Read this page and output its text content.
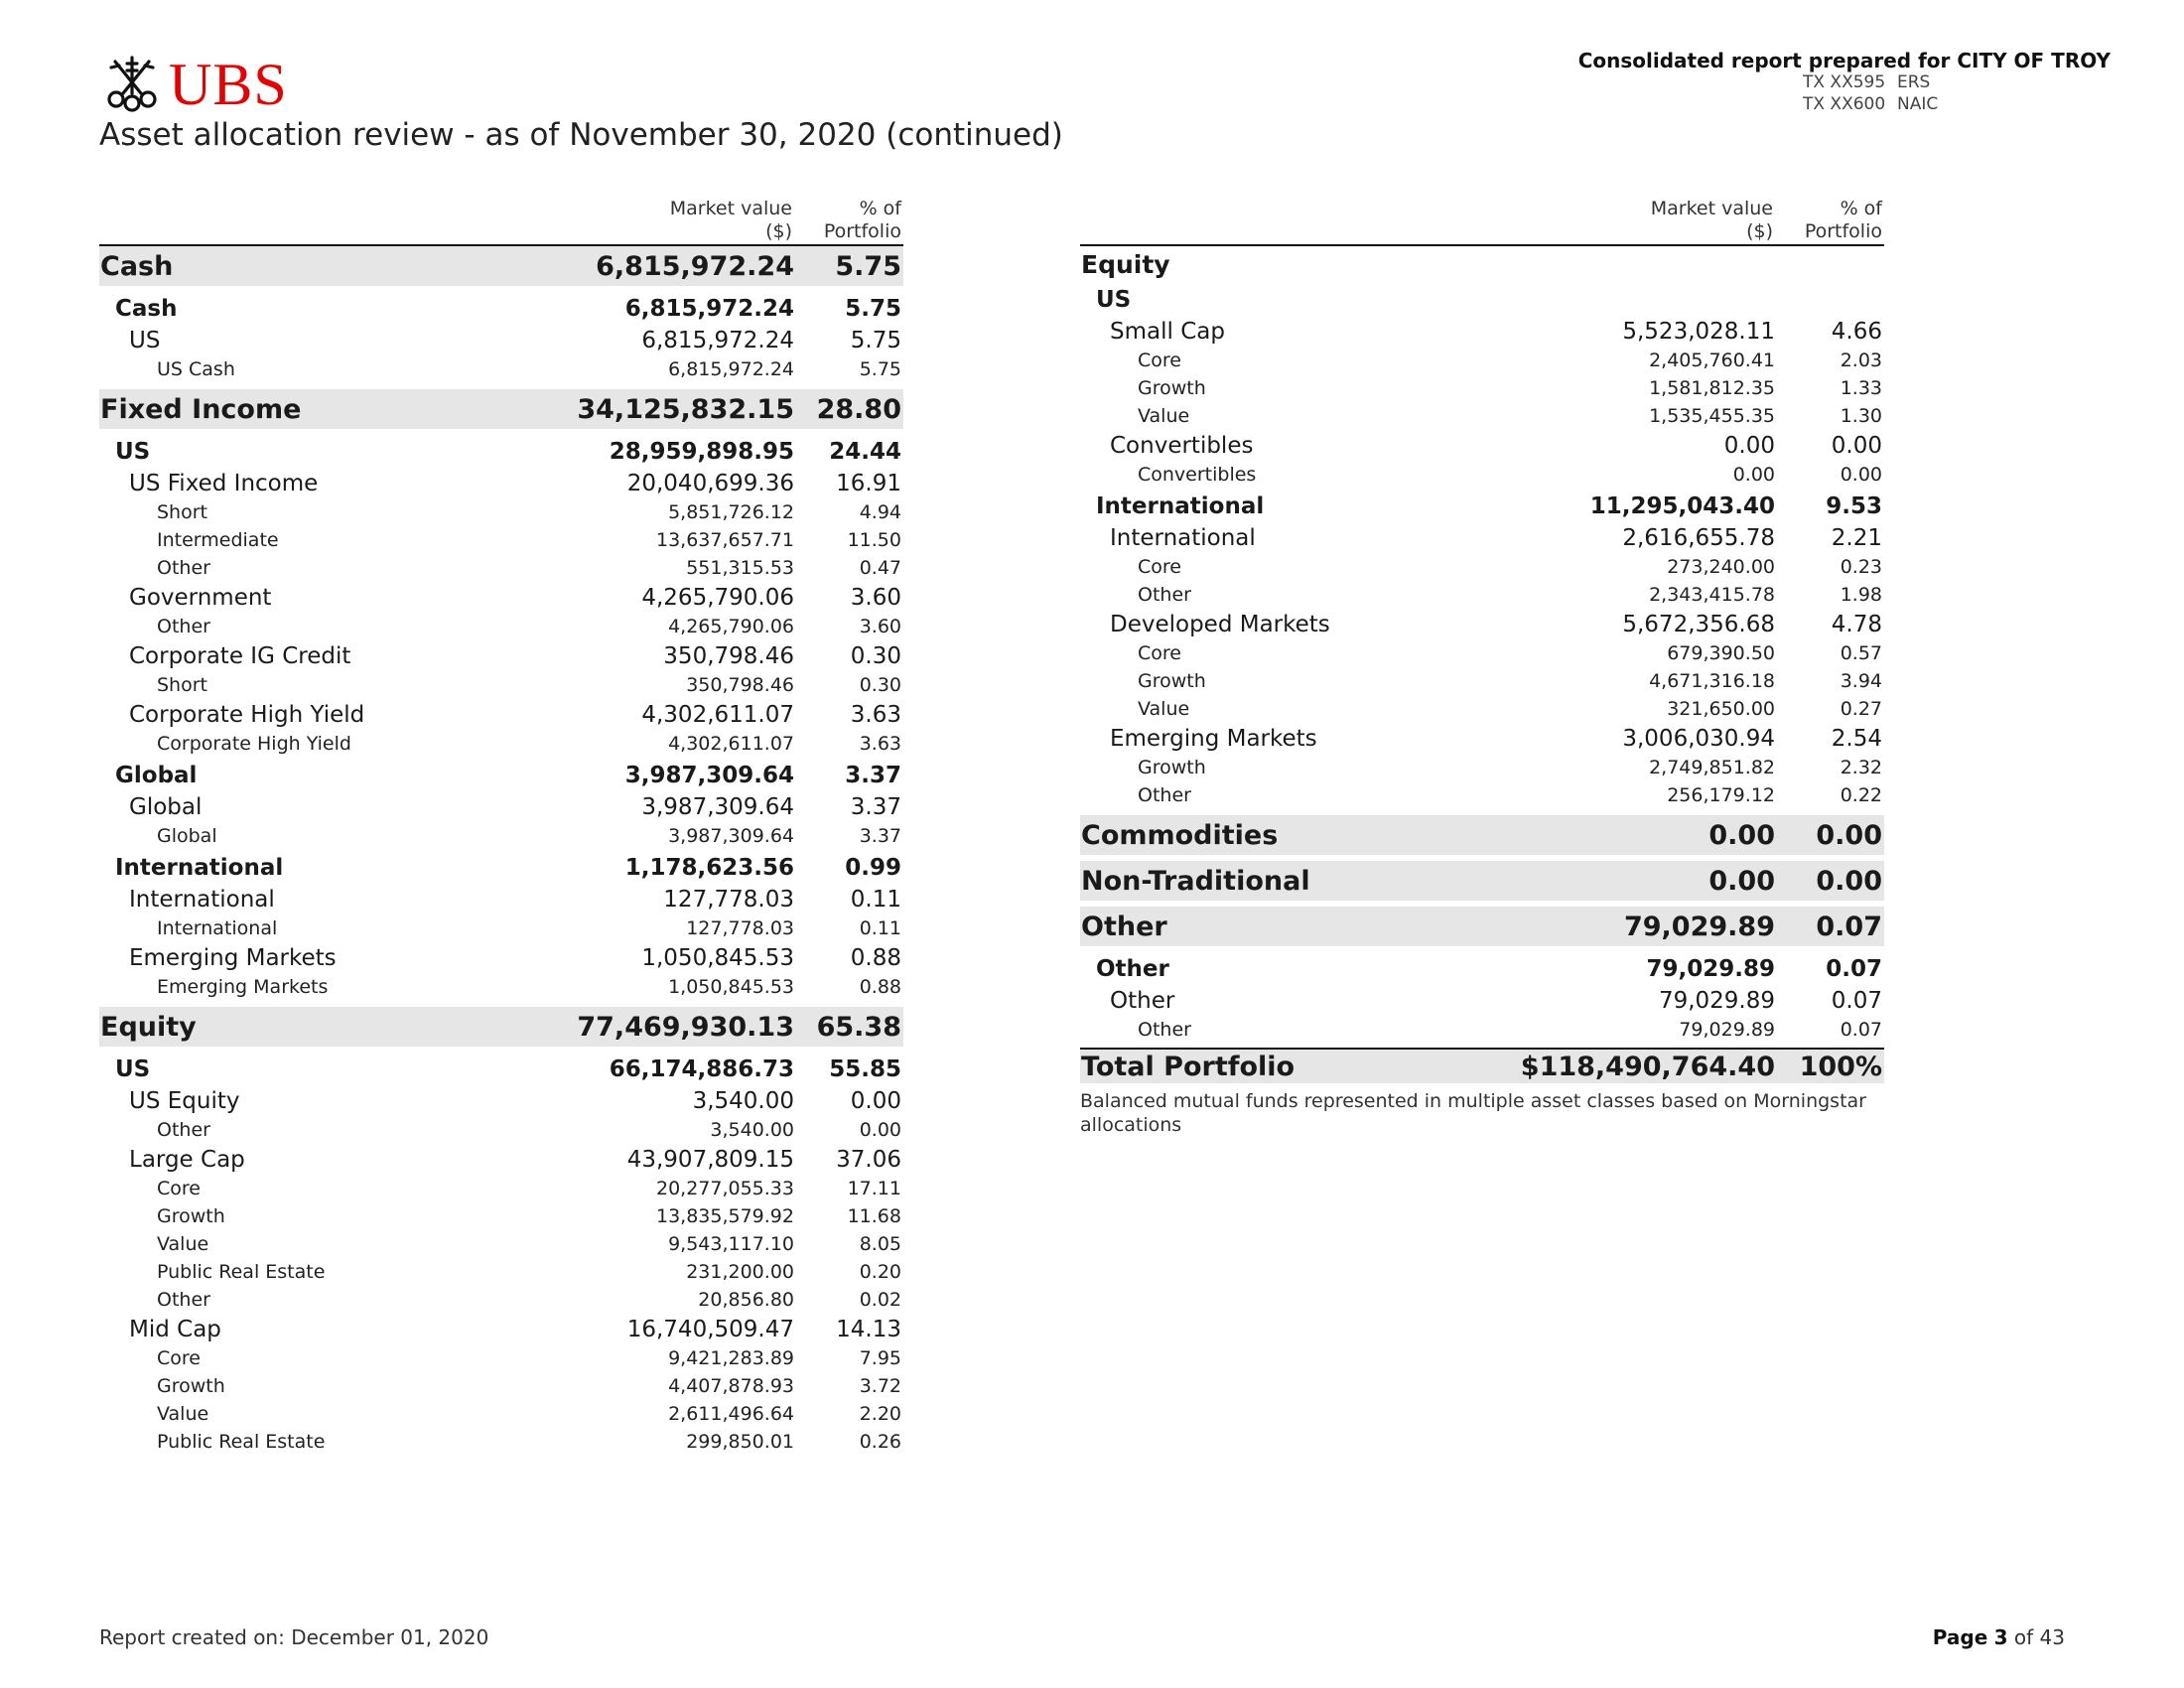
UBS
Asset allocation review - as of November 30, 2020 (continued)
Consolidated report prepared for CITY OF TROY
TX XX595 ERS
TX XX600 NAIC
Market value ($)
% of Portfolio
Cash	6,815,972.24	5.75
Cash	6,815,972.24	5.75
US	6,815,972.24	5.75
US Cash	6,815,972.24	5.75
Fixed Income	34,125,832.15 28.80
US	28,959,898.95	24.44
US Fixed Income	20,040,699.36	16.91
Short	5,851,726.12	4.94
Intermediate	13,637,657.71	11.50
Other	551,315.53	0.47
Government	4,265,790.06	3.60
Other	4,265,790.06	3.60
Corporate IG Credit	350,798.46	0.30
Short	350,798.46	0.30
Corporate High Yield	4,302,611.07	3.63
Corporate High Yield	4,302,611.07	3.63
Global	3,987,309.64	3.37
Global	3,987,309.64	3.37
Global	3,987,309.64	3.37
International	1,178,623.56	0.99
International	127,778.03	0.11
International	127,778.03	0.11
Emerging Markets	1,050,845.53	0.88
Emerging Markets	1,050,845.53	0.88
Equity	77,469,930.13 65.38
US	66,174,886.73	55.85
US Equity	3,540.00	0.00
Other	3,540.00	0.00
Large Cap	43,907,809.15	37.06
Core	20,277,055.33	17.11
Growth	13,835,579.92	11.68
Value	9,543,117.10	8.05
Public Real Estate	231,200.00	0.20
Other	20,856.80	0.02
Mid Cap	16,740,509.47	14.13
Core	9,421,283.89	7.95
Growth	4,407,878.93	3.72
Value	2,611,496.64	2.20
Public Real Estate	299,850.01	0.26
Market value ($)
% of Portfolio
Equity
US
Small Cap	5,523,028.11	4.66
Core	2,405,760.41	2.03
Growth	1,581,812.35	1.33
Value	1,535,455.35	1.30
Convertibles	0.00	0.00
Convertibles	0.00	0.00
International	11,295,043.40	9.53
International	2,616,655.78	2.21
Core	273,240.00	0.23
Other	2,343,415.78	1.98
Developed Markets	5,672,356.68	4.78
Core	679,390.50	0.57
Growth	4,671,316.18	3.94
Value	321,650.00	0.27
Emerging Markets	3,006,030.94	2.54
Growth	2,749,851.82	2.32
Other	256,179.12	0.22
Commodities	0.00	0.00
Non-Traditional	0.00	0.00
Other	79,029.89	0.07
Other	79,029.89	0.07
Other	79,029.89	0.07
Other	79,029.89	0.07
Total Portfolio	$118,490,764.40 100%
Balanced mutual funds represented in multiple asset classes based on Morningstar allocations
Report created on: December 01, 2020	Page 3 of 43
